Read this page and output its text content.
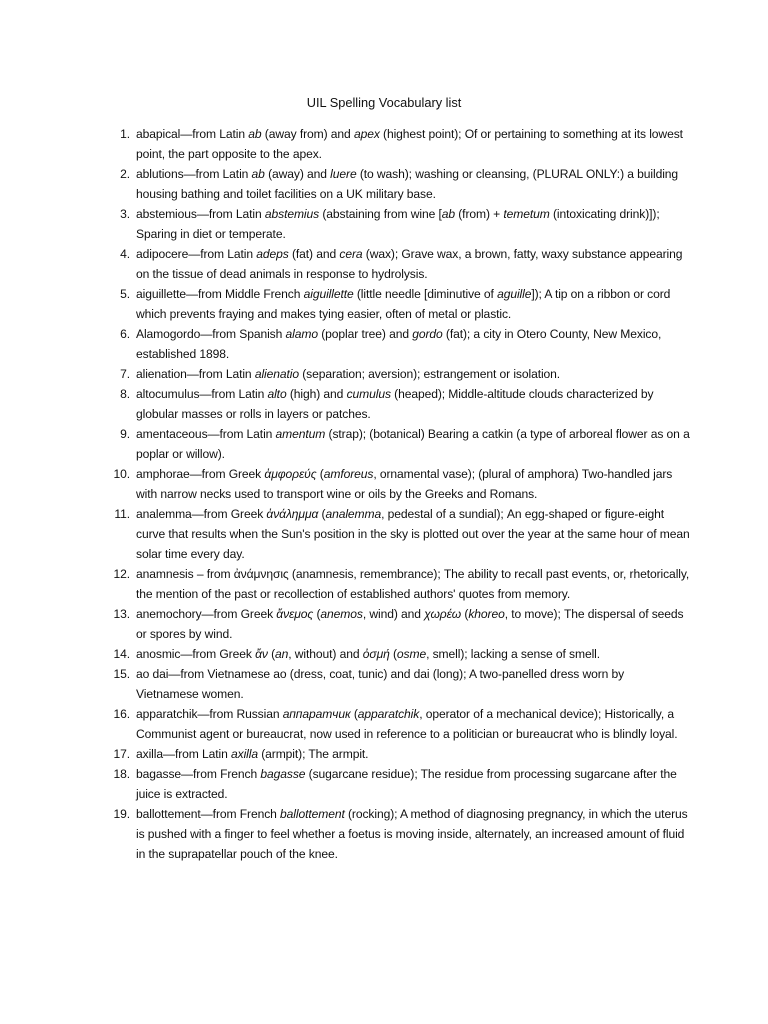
UIL Spelling Vocabulary list
1. abapical—from Latin ab (away from) and apex (highest point); Of or pertaining to something at its lowest point, the part opposite to the apex.
2. ablutions—from Latin ab (away) and luere (to wash); washing or cleansing, (PLURAL ONLY:) a building housing bathing and toilet facilities on a UK military base.
3. abstemious—from Latin abstemius (abstaining from wine [ab (from) + temetum (intoxicating drink)]); Sparing in diet or temperate.
4. adipocere—from Latin adeps (fat) and cera (wax); Grave wax, a brown, fatty, waxy substance appearing on the tissue of dead animals in response to hydrolysis.
5. aiguillette—from Middle French aiguillette (little needle [diminutive of aguille]); A tip on a ribbon or cord which prevents fraying and makes tying easier, often of metal or plastic.
6. Alamogordo—from Spanish alamo (poplar tree) and gordo (fat); a city in Otero County, New Mexico, established 1898.
7. alienation—from Latin alienatio (separation; aversion); estrangement or isolation.
8. altocumulus—from Latin alto (high) and cumulus (heaped); Middle-altitude clouds characterized by globular masses or rolls in layers or patches.
9. amentaceous—from Latin amentum (strap); (botanical) Bearing a catkin (a type of arboreal flower as on a poplar or willow).
10. amphorae—from Greek ἀμφορεύς (amforeus, ornamental vase); (plural of amphora) Two-handled jars with narrow necks used to transport wine or oils by the Greeks and Romans.
11. analemma—from Greek ἀνάλημμα (analemma, pedestal of a sundial); An egg-shaped or figure-eight curve that results when the Sun's position in the sky is plotted out over the year at the same hour of mean solar time every day.
12. anamnesis – from ἀνάμνησις (anamnesis, remembrance); The ability to recall past events, or, rhetorically, the mention of the past or recollection of established authors' quotes from memory.
13. anemochory—from Greek ἄνεμος (anemos, wind) and χωρέω (khoreo, to move); The dispersal of seeds or spores by wind.
14. anosmic—from Greek ἄν (an, without) and ὀσμή (osme, smell); lacking a sense of smell.
15. ao dai—from Vietnamese ao (dress, coat, tunic) and dai (long); A two-panelled dress worn by Vietnamese women.
16. apparatchik—from Russian аппаратчик (apparatchik, operator of a mechanical device); Historically, a Communist agent or bureaucrat, now used in reference to a politician or bureaucrat who is blindly loyal.
17. axilla—from Latin axilla (armpit); The armpit.
18. bagasse—from French bagasse (sugarcane residue); The residue from processing sugarcane after the juice is extracted.
19. ballottement—from French ballottement (rocking); A method of diagnosing pregnancy, in which the uterus is pushed with a finger to feel whether a foetus is moving inside, alternately, an increased amount of fluid in the suprapatellar pouch of the knee.
